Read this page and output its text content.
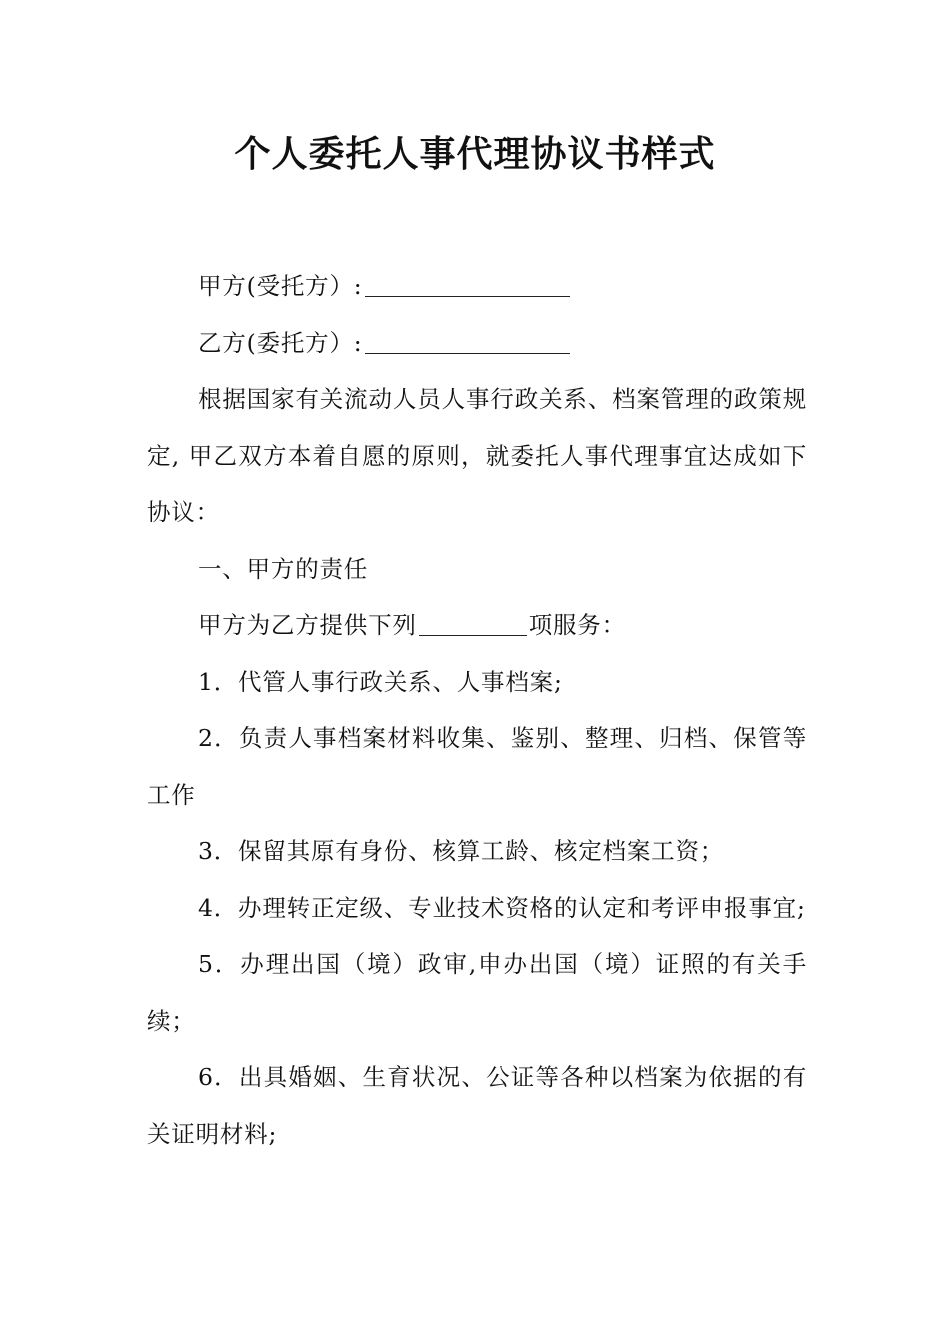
个人委托人事代理协议书样式

甲方(受托方）:

乙方(委托方）:

根据国家有关流动人员人事行政关系、档案管理的政策规定, 甲乙双方本着自愿的原则，就委托人事代理事宜达成如下协议：

一、甲方的责任

甲方为乙方提供下列	项服务：

1．代管人事行政关系、人事档案;

2．负责人事档案材料收集、鉴别、整理、归档、保管等工作

3．保留其原有身份、核算工龄、核定档案工资；

4．办理转正定级、专业技术资格的认定和考评申报事宜;

5．办理出国（境）政审,申办出国（境）证照的有关手续；

6．出具婚姻、生育状况、公证等各种以档案为依据的有关证明材料;
